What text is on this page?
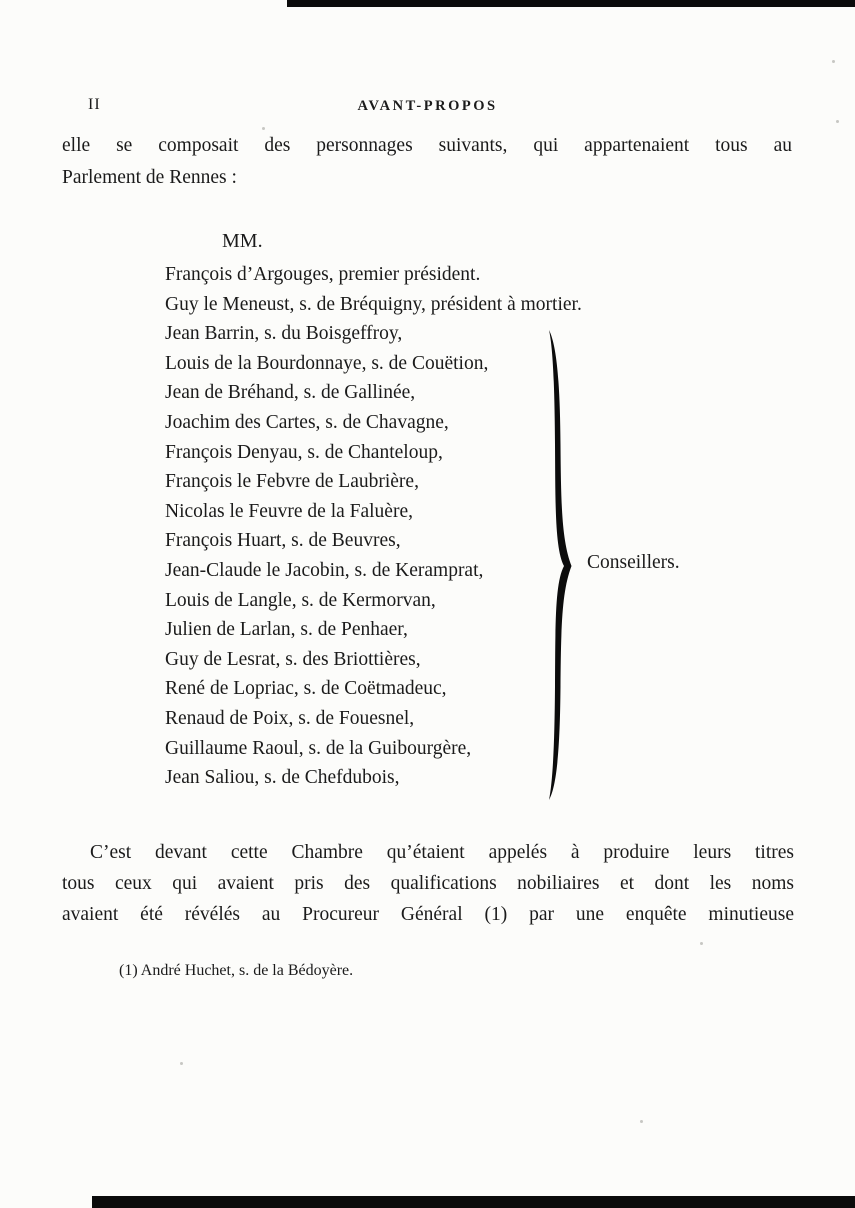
II	AVANT-PROPOS
elle se composait des personnages suivants, qui appartenaient tous au
Parlement de Rennes :
MM.
François d’Argouges, premier président.
Guy le Meneust, s. de Bréquigny, président à mortier.
Jean Barrin, s. du Boisgeffroy,
Louis de la Bourdonnaye, s. de Couëtion,
Jean de Bréhand, s. de Gallinée,
Joachim des Cartes, s. de Chavagne,
François Denyau, s. de Chanteloup,
François le Febvre de Laubrière,
Nicolas le Feuvre de la Faluère,
François Huart, s. de Beuvres,
Jean-Claude le Jacobin, s. de Keramprat,
Louis de Langle, s. de Kermorvan,
Julien de Larlan, s. de Penhaer,
Guy de Lesrat, s. des Briottières,
René de Lopriac, s. de Coëtmadeuc,
Renaud de Poix, s. de Fouesnel,
Guillaume Raoul, s. de la Guibourgère,
Jean Saliou, s. de Chefdubois,
Conseillers.
C’est devant cette Chambre qu’étaient appelés à produire leurs titres
tous ceux qui avaient pris des qualifications nobiliaires et dont les noms
avaient été révélés au Procureur Général (1) par une enquête minutieuse
(1) André Huchet, s. de la Bédoyère.
